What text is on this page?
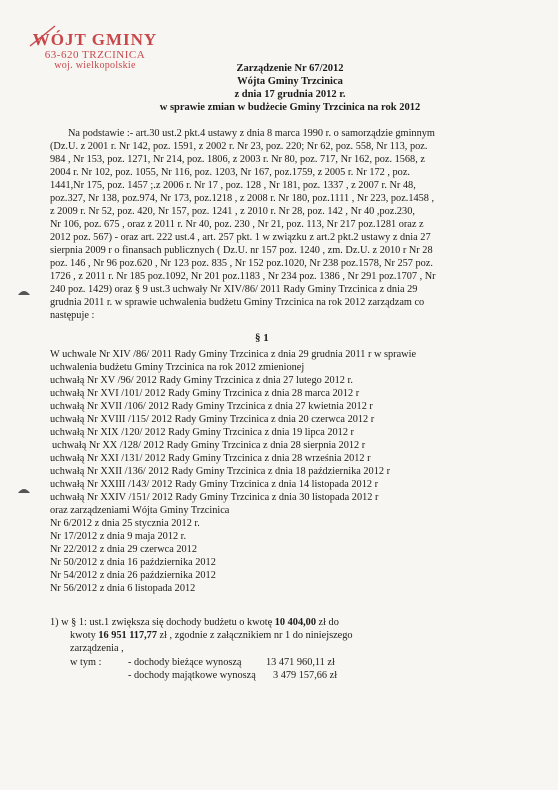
WÓJT GMINY
63-620 TRZCINICA
woj. wielkopolskie	Zarządzenie Nr 67/2012
Wójta Gminy Trzcinica
z dnia 17 grudnia 2012 r.
w sprawie zmian w budżecie Gminy Trzcinica na rok 2012
Na podstawie :- art.30 ust.2 pkt.4 ustawy z dnia 8 marca 1990 r. o samorządzie gminnym
(Dz.U. z 2001 r. Nr 142, poz. 1591, z 2002 r. Nr 23, poz. 220; Nr 62, poz. 558, Nr 113, poz.
984 , Nr 153, poz. 1271, Nr 214, poz. 1806, z 2003 r. Nr 80, poz. 717, Nr 162, poz. 1568, z
2004 r. Nr 102, poz. 1055, Nr 116, poz. 1203, Nr 167, poz.1759, z 2005 r. Nr 172 , poz.
1441,Nr 175, poz. 1457 ;.z 2006 r. Nr 17 , poz. 128 , Nr 181, poz. 1337 , z 2007 r. Nr 48,
poz.327, Nr 138, poz.974, Nr 173, poz.1218 , z 2008 r. Nr 180, poz.1111 , Nr 223, poz.1458 ,
z 2009 r. Nr 52, poz. 420, Nr 157, poz. 1241 , z 2010 r. Nr 28, poz. 142 , Nr 40 ,poz.230,
Nr 106, poz. 675 , oraz z 2011 r. Nr 40, poz. 230 , Nr 21, poz. 113, Nr 217 poz.1281 oraz z
2012 poz. 567) - oraz art. 222 ust.4 , art. 257 pkt. 1 w związku z art.2 pkt.2 ustawy z dnia 27
sierpnia 2009 r o finansach publicznych ( Dz.U. nr 157 poz. 1240 , zm. Dz.U. z 2010 r Nr 28
poz. 146 , Nr 96 poz.620 , Nr 123 poz. 835 , Nr 152 poz.1020, Nr 238 poz.1578, Nr 257 poz.
1726 , z 2011 r. Nr 185 poz.1092, Nr 201 poz.1183 , Nr 234 poz. 1386 , Nr 291 poz.1707 , Nr
240 poz. 1429) oraz § 9 ust.3 uchwały Nr XIV/86/ 2011 Rady Gminy Trzcinica z dnia 29
grudnia 2011 r. w sprawie uchwalenia budżetu Gminy Trzcinica na rok 2012 zarządzam co
następuje :
§ 1
W uchwale Nr XIV /86/ 2011 Rady Gminy Trzcinica z dnia 29 grudnia 2011 r w sprawie
uchwalenia budżetu Gminy Trzcinica na rok 2012 zmienionej
uchwałą Nr XV /96/ 2012 Rady Gminy Trzcinica z dnia 27 lutego 2012 r.
uchwałą Nr XVI /101/ 2012 Rady Gminy Trzcinica z dnia 28 marca 2012 r
uchwałą Nr XVII /106/ 2012 Rady Gminy Trzcinica z dnia 27 kwietnia 2012 r
uchwałą Nr XVIII /115/ 2012 Rady Gminy Trzcinica z dnia 20 czerwca 2012 r
uchwałą Nr XIX /120/ 2012 Rady Gminy Trzcinica z dnia 19 lipca 2012 r
uchwałą Nr XX /128/ 2012 Rady Gminy Trzcinica z dnia 28 sierpnia 2012 r
uchwałą Nr XXI /131/ 2012 Rady Gminy Trzcinica z dnia 28 września 2012 r
uchwałą Nr XXII /136/ 2012 Rady Gminy Trzcinica z dnia 18 października 2012 r
uchwałą Nr XXIII /143/ 2012 Rady Gminy Trzcinica z dnia 14 listopada 2012 r
uchwałą Nr XXIV /151/ 2012 Rady Gminy Trzcinica z dnia 30 listopada 2012 r
oraz zarządzeniami Wójta Gminy Trzcinica
Nr 6/2012 z dnia 25 stycznia 2012 r.
Nr 17/2012 z dnia 9 maja 2012 r.
Nr 22/2012 z dnia 29 czerwca 2012
Nr 50/2012 z dnia 16 października 2012
Nr 54/2012 z dnia 26 października 2012
Nr 56/2012 z dnia 6 listopada 2012
1) w § 1: ust.1 zwiększa się dochody budżetu o kwotę 10 404,00 zł do
kwoty 16 951 117,77 zł , zgodnie z załącznikiem nr 1 do niniejszego
zarządzenia ,
w tym :	- dochody bieżące wynoszą 13 471 960,11 zł
- dochody majątkowe wynoszą 3 479 157,66 zł
